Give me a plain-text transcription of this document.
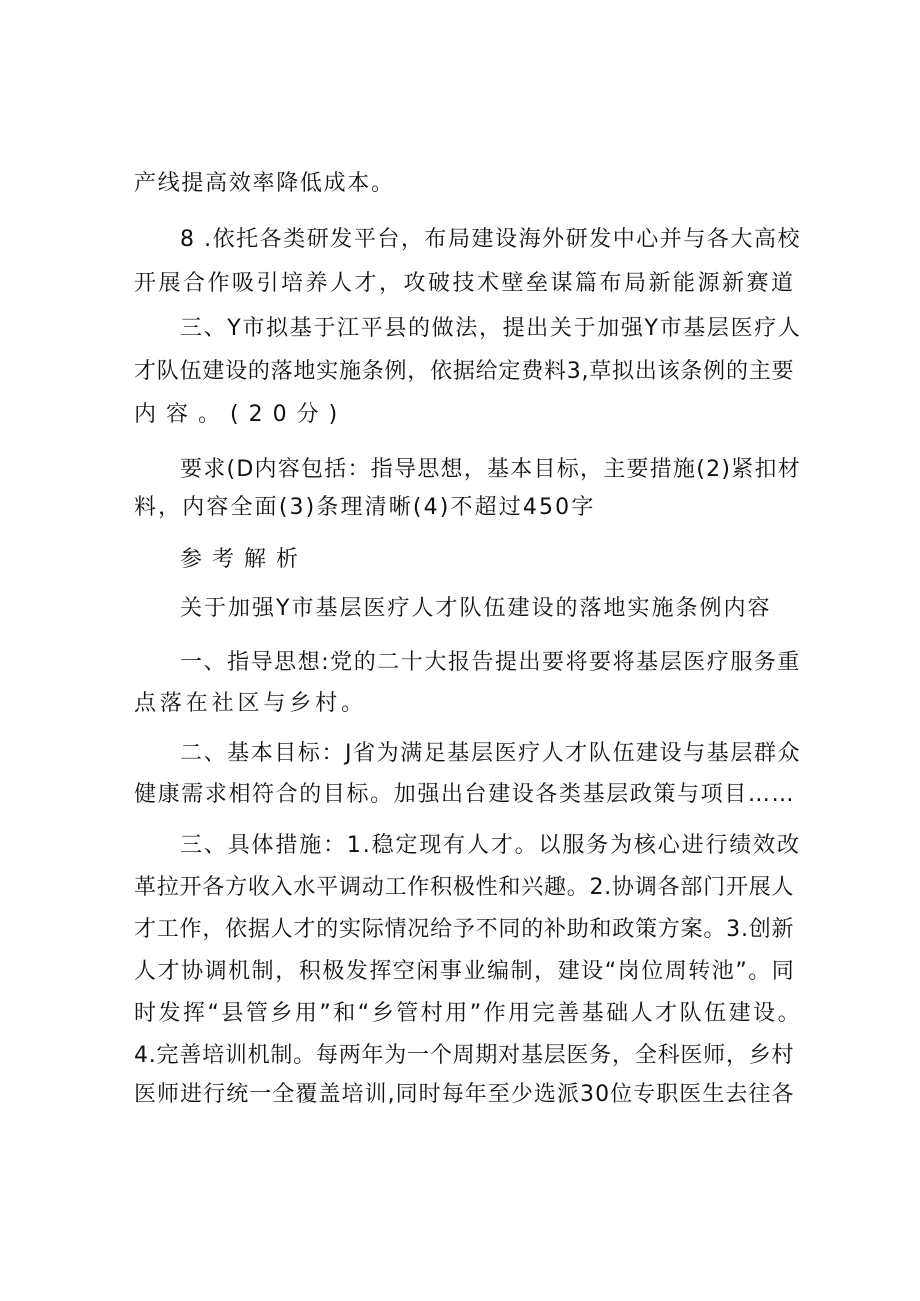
产线提高效率降低成本。
8 .依托各类研发平台，布局建设海外研发中心并与各大高校
开展合作吸引培养人才，攻破技术壁垒谋篇布局新能源新赛道
三、Y市拟基于江平县的做法，提出关于加强Y市基层医疗人
才队伍建设的落地实施条例，依据给定费料3,草拟出该条例的主要
内容。(20分)
要求(D内容包括：指导思想，基本目标，主要措施(2)紧扣材
料，内容全面(3)条理清晰(4)不超过450字
参考解析
关于加强Y市基层医疗人才队伍建设的落地实施条例内容
一、指导思想:党的二十大报告提出要将要将基层医疗服务重
点落在社区与乡村。
二、基本目标：J省为满足基层医疗人才队伍建设与基层群众
健康需求相符合的目标。加强出台建设各类基层政策与项目……
三、具体措施：1.稳定现有人才。以服务为核心进行绩效改
革拉开各方收入水平调动工作积极性和兴趣。2.协调各部门开展人
才工作，依据人才的实际情况给予不同的补助和政策方案。3.创新
人才协调机制，积极发挥空闲事业编制，建设“岗位周转池”。同
时发挥“县管乡用”和“乡管村用”作用完善基础人才队伍建设。
4.完善培训机制。每两年为一个周期对基层医务，全科医师，乡村
医师进行统一全覆盖培训,同时每年至少选派30位专职医生去往各
